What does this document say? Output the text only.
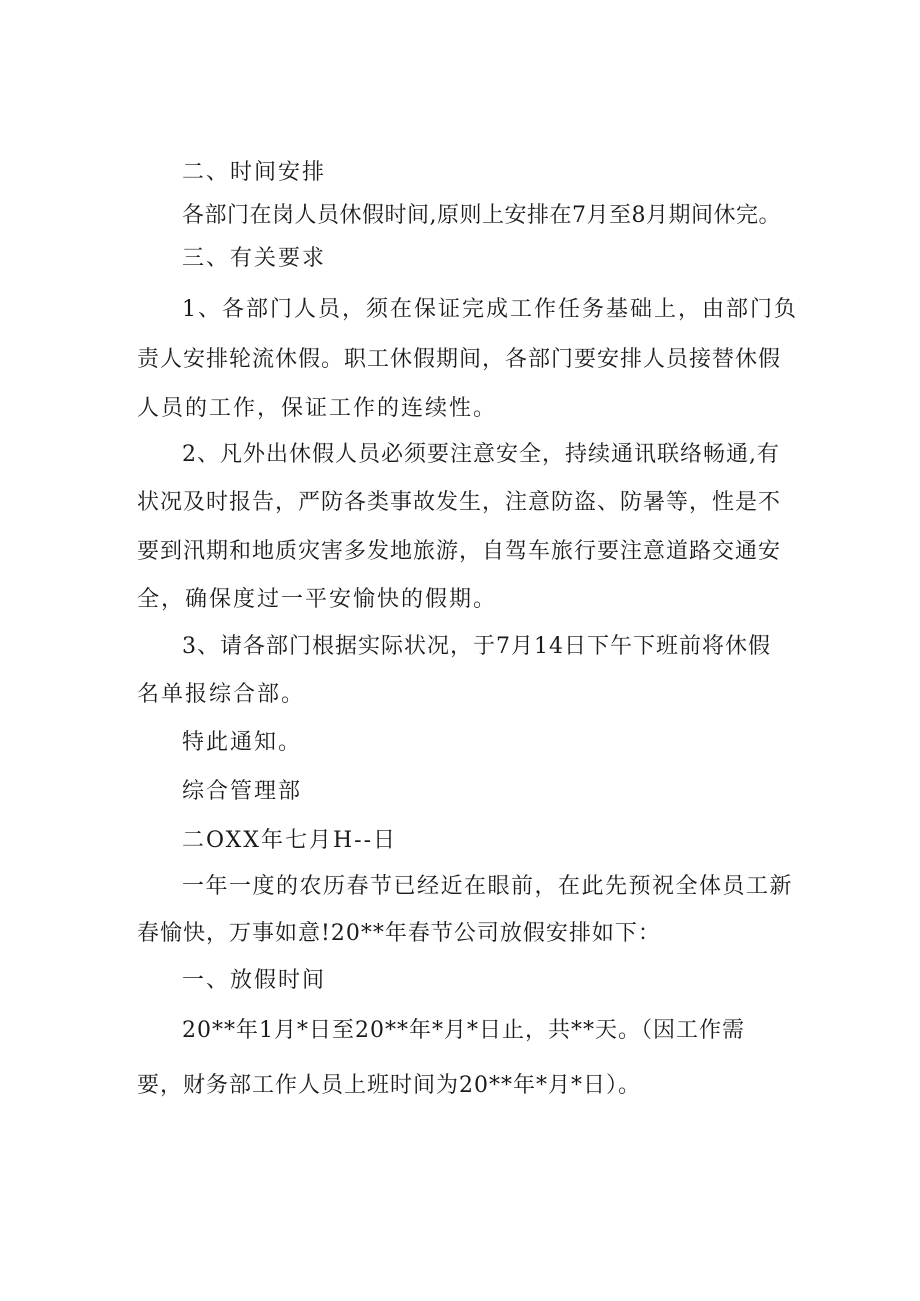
二、时间安排
各部门在岗人员休假时间,原则上安排在7月至8月期间休完。
三、有关要求
1、各部门人员，须在保证完成工作任务基础上，由部门负
责人安排轮流休假。职工休假期间，各部门要安排人员接替休假
人员的工作，保证工作的连续性。
2、凡外出休假人员必须要注意安全，持续通讯联络畅通,有
状况及时报告，严防各类事故发生，注意防盗、防暑等，性是不
要到汛期和地质灾害多发地旅游，自驾车旅行要注意道路交通安
全，确保度过一平安愉快的假期。
3、请各部门根据实际状况，于7月14日下午下班前将休假
名单报综合部。
特此通知。
综合管理部
二OXX年七月H--日
一年一度的农历春节已经近在眼前，在此先预祝全体员工新
春愉快，万事如意!20**年春节公司放假安排如下：
一、放假时间
20**年1月*日至20**年*月*日止，共**天。（因工作需
要，财务部工作人员上班时间为20**年*月*日）。
